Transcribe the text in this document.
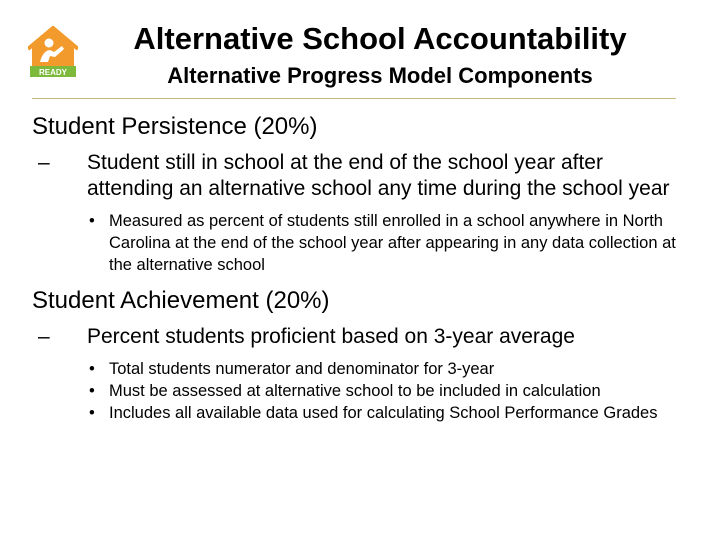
READY
Alternative School Accountability
Alternative Progress Model Components
Student Persistence (20%)
–	Student still in school at the end of the school year after attending an alternative school any time during the school year
• Measured as percent of students still enrolled in a school anywhere in North Carolina at the end of the school year after appearing in any data collection at the alternative school
Student Achievement (20%)
–	Percent students proficient based on 3-year average
• Total students numerator and denominator for 3-year
• Must be assessed at alternative school to be included in calculation
• Includes all available data used for calculating School Performance Grades
